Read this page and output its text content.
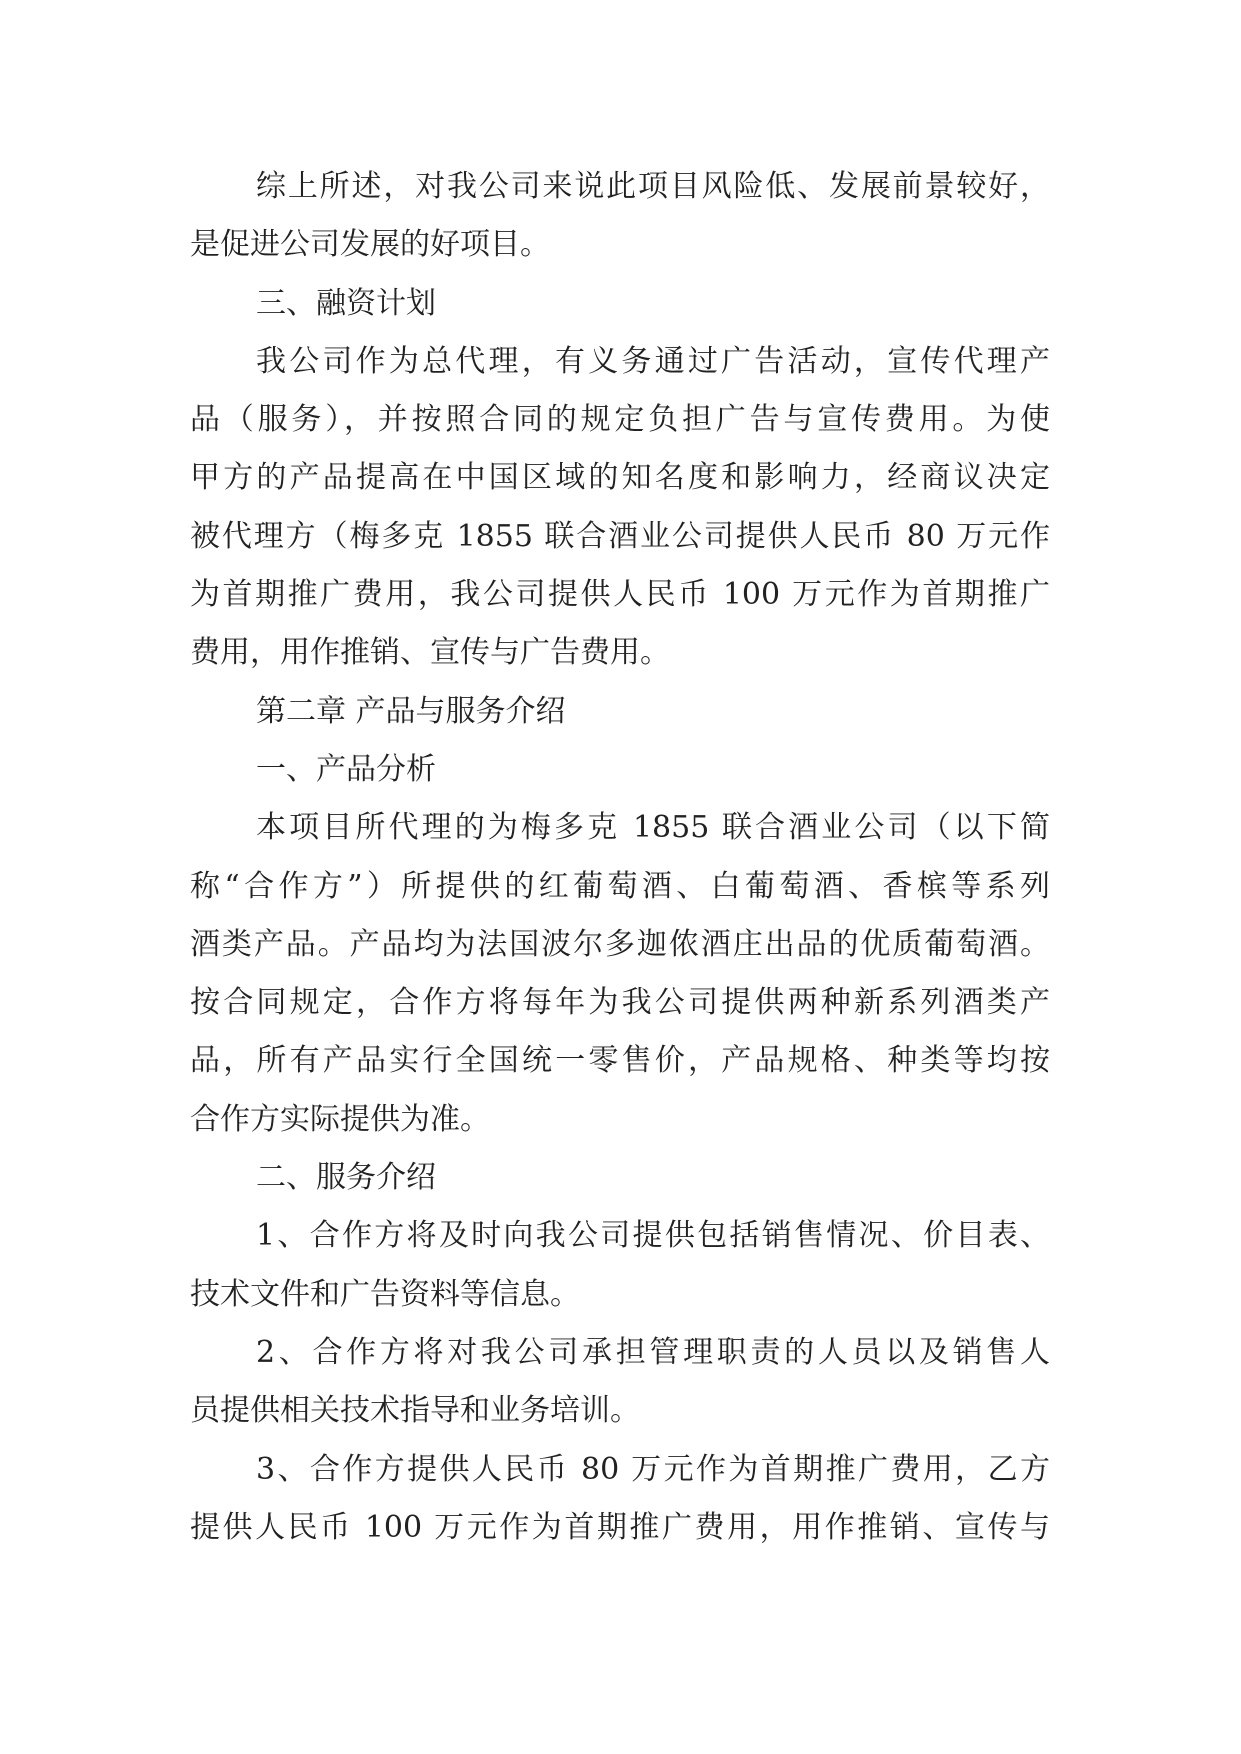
综上所述，对我公司来说此项目风险低、发展前景较好，
是促进公司发展的好项目。
三、融资计划
我公司作为总代理，有义务通过广告活动，宣传代理产
品（服务），并按照合同的规定负担广告与宣传费用。为使
甲方的产品提高在中国区域的知名度和影响力，经商议决定
被代理方（梅多克 1855 联合酒业公司提供人民币 80 万元作
为首期推广费用，我公司提供人民币 100 万元作为首期推广
费用，用作推销、宣传与广告费用。
第二章 产品与服务介绍
一、产品分析
本项目所代理的为梅多克 1855 联合酒业公司（以下简
称“合作方”）所提供的红葡萄酒、白葡萄酒、香槟等系列
酒类产品。产品均为法国波尔多迦侬酒庄出品的优质葡萄酒。
按合同规定，合作方将每年为我公司提供两种新系列酒类产
品，所有产品实行全国统一零售价，产品规格、种类等均按
合作方实际提供为准。
二、服务介绍
1、合作方将及时向我公司提供包括销售情况、价目表、
技术文件和广告资料等信息。
2、合作方将对我公司承担管理职责的人员以及销售人
员提供相关技术指导和业务培训。
3、合作方提供人民币 80 万元作为首期推广费用，乙方
提供人民币 100 万元作为首期推广费用，用作推销、宣传与
